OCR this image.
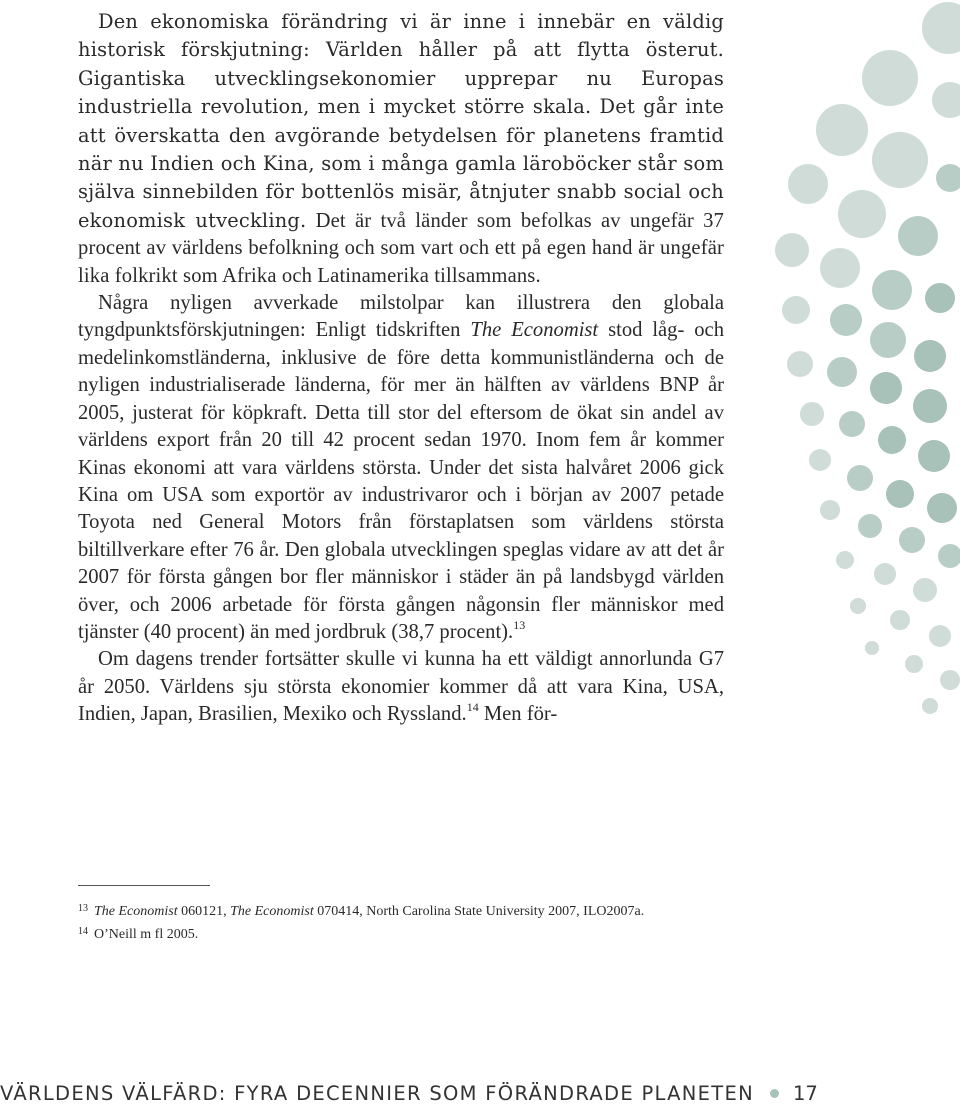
Den ekonomiska förändring vi är inne i innebär en väldig historisk förskjutning: Världen håller på att flytta österut. Gigantiska utvecklingsekonomier upprepar nu Europas industriella revolution, men i mycket större skala. Det går inte att överskatta den avgörande betydelsen för planetens framtid när nu Indien och Kina, som i många gamla läroböcker står som själva sinnebilden för bottenlös misär, åtnjuter snabb social och ekonomisk utveckling. Det är två länder som befolkas av ungefär 37 procent av världens befolkning och som vart och ett på egen hand är ungefär lika folkrikt som Afrika och Latinamerika tillsammans.

Några nyligen avverkade milstolpar kan illustrera den globala tyngdpunktsförskjutningen: Enligt tidskriften The Economist stod låg- och medelinkomstländerna, inklusive de före detta kommunistländerna och de nyligen industrialiserade länderna, för mer än hälften av världens BNP år 2005, justerat för köpkraft. Detta till stor del eftersom de ökat sin andel av världens export från 20 till 42 procent sedan 1970. Inom fem år kommer Kinas ekonomi att vara världens största. Under det sista halvåret 2006 gick Kina om USA som exportör av industrivaror och i början av 2007 petade Toyota ned General Motors från förstaplatsen som världens största biltillverkare efter 76 år. Den globala utvecklingen speglas vidare av att det år 2007 för första gången bor fler människor i städer än på landsbygd världen över, och 2006 arbetade för första gången någonsin fler människor med tjänster (40 procent) än med jordbruk (38,7 procent).$^{13}$

Om dagens trender fortsätter skulle vi kunna ha ett väldigt annorlunda G7 år 2050. Världens sju största ekonomier kommer då att vara Kina, USA, Indien, Japan, Brasilien, Mexiko och Ryssland.$^{14}$ Men för-

$^{13}$ The Economist 060121, The Economist 070414, North Carolina State University 2007, ILO2007a.
$^{14}$ O’Neill m fl 2005.
VÄRLDENS VÄLFÄRD: FYRA DECENNIER SOM FÖRÄNDRADE PLANETEN 17
